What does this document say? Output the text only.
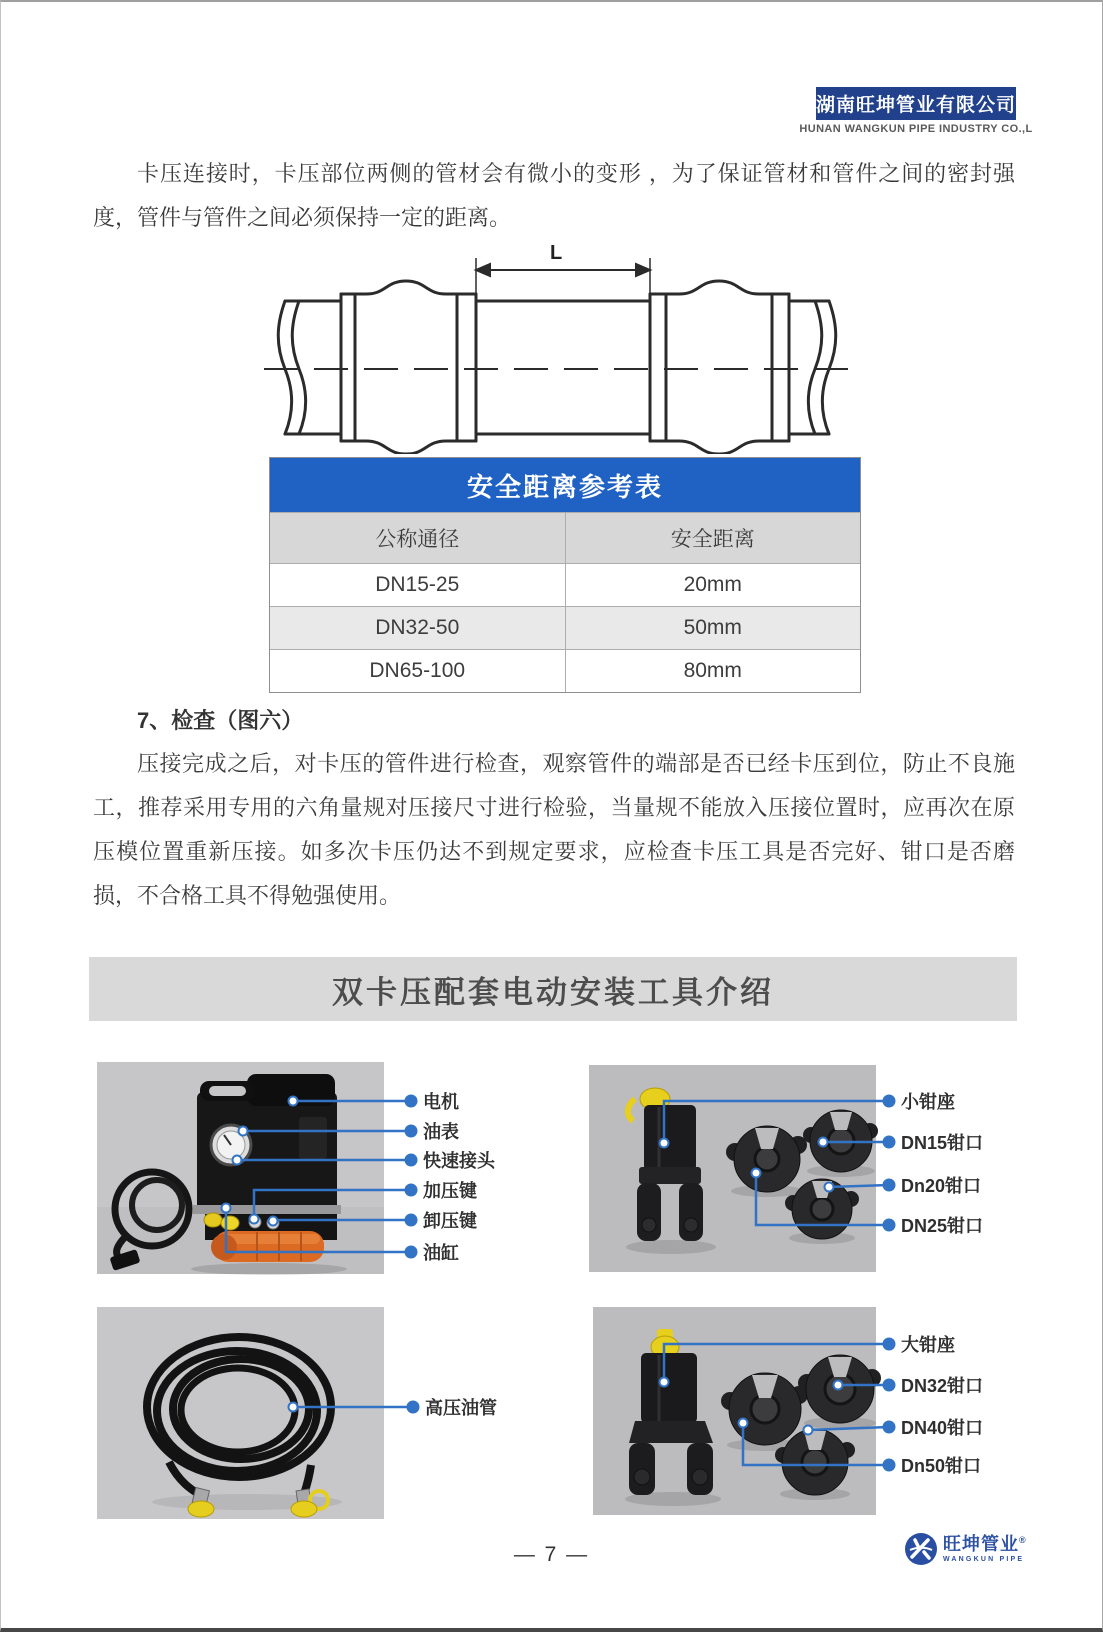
湖南旺坤管业有限公司
HUNAN WANGKUN PIPE INDUSTRY CO.,L

卡压连接时，卡压部位两侧的管材会有微小的变形 ，为了保证管材和管件之间的密封强度，管件与管件之间必须保持一定的距离。

L
安全距离参考表
公称通径	安全距离
DN15-25	20mm
DN32-50	50mm
DN65-100	80mm
7、检查（图六）

压接完成之后，对卡压的管件进行检查，观察管件的端部是否已经卡压到位，防止不良施工，推荐采用专用的六角量规对压接尺寸进行检验，当量规不能放入压接位置时，应再次在原压模位置重新压接。如多次卡压仍达不到规定要求，应检查卡压工具是否完好、钳口是否磨损，不合格工具不得勉强使用。

双卡压配套电动安装工具介绍
电机
油表
快速接头
加压键
卸压键
油缸
小钳座
DN15钳口
Dn20钳口
DN25钳口
高压油管
大钳座
DN32钳口
DN40钳口
Dn50钳口
— 7 —	旺坤管业®
WANGKUN PIPE
